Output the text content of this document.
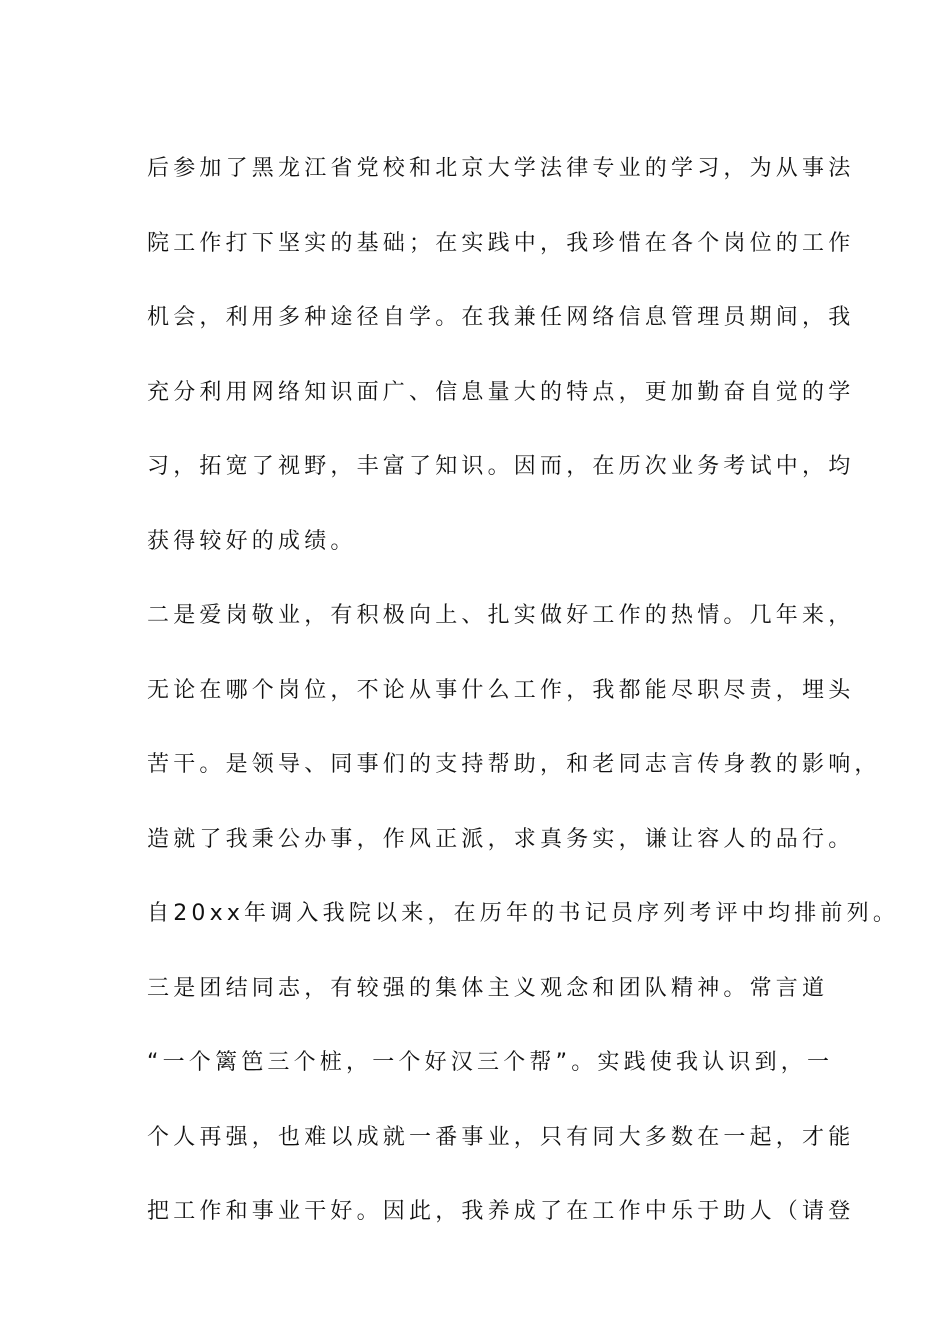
后参加了黑龙江省党校和北京大学法律专业的学习，为从事法
院工作打下坚实的基础；在实践中，我珍惜在各个岗位的工作
机会，利用多种途径自学。在我兼任网络信息管理员期间，我
充分利用网络知识面广、信息量大的特点，更加勤奋自觉的学
习，拓宽了视野，丰富了知识。因而，在历次业务考试中，均
获得较好的成绩。
二是爱岗敬业，有积极向上、扎实做好工作的热情。几年来，
无论在哪个岗位，不论从事什么工作，我都能尽职尽责，埋头
苦干。是领导、同事们的支持帮助，和老同志言传身教的影响，
造就了我秉公办事，作风正派，求真务实，谦让容人的品行。
自20xx年调入我院以来，在历年的书记员序列考评中均排前列。
三是团结同志，有较强的集体主义观念和团队精神。常言道
“一个篱笆三个桩，一个好汉三个帮”。实践使我认识到，一
个人再强，也难以成就一番事业，只有同大多数在一起，才能
把工作和事业干好。因此，我养成了在工作中乐于助人（请登
